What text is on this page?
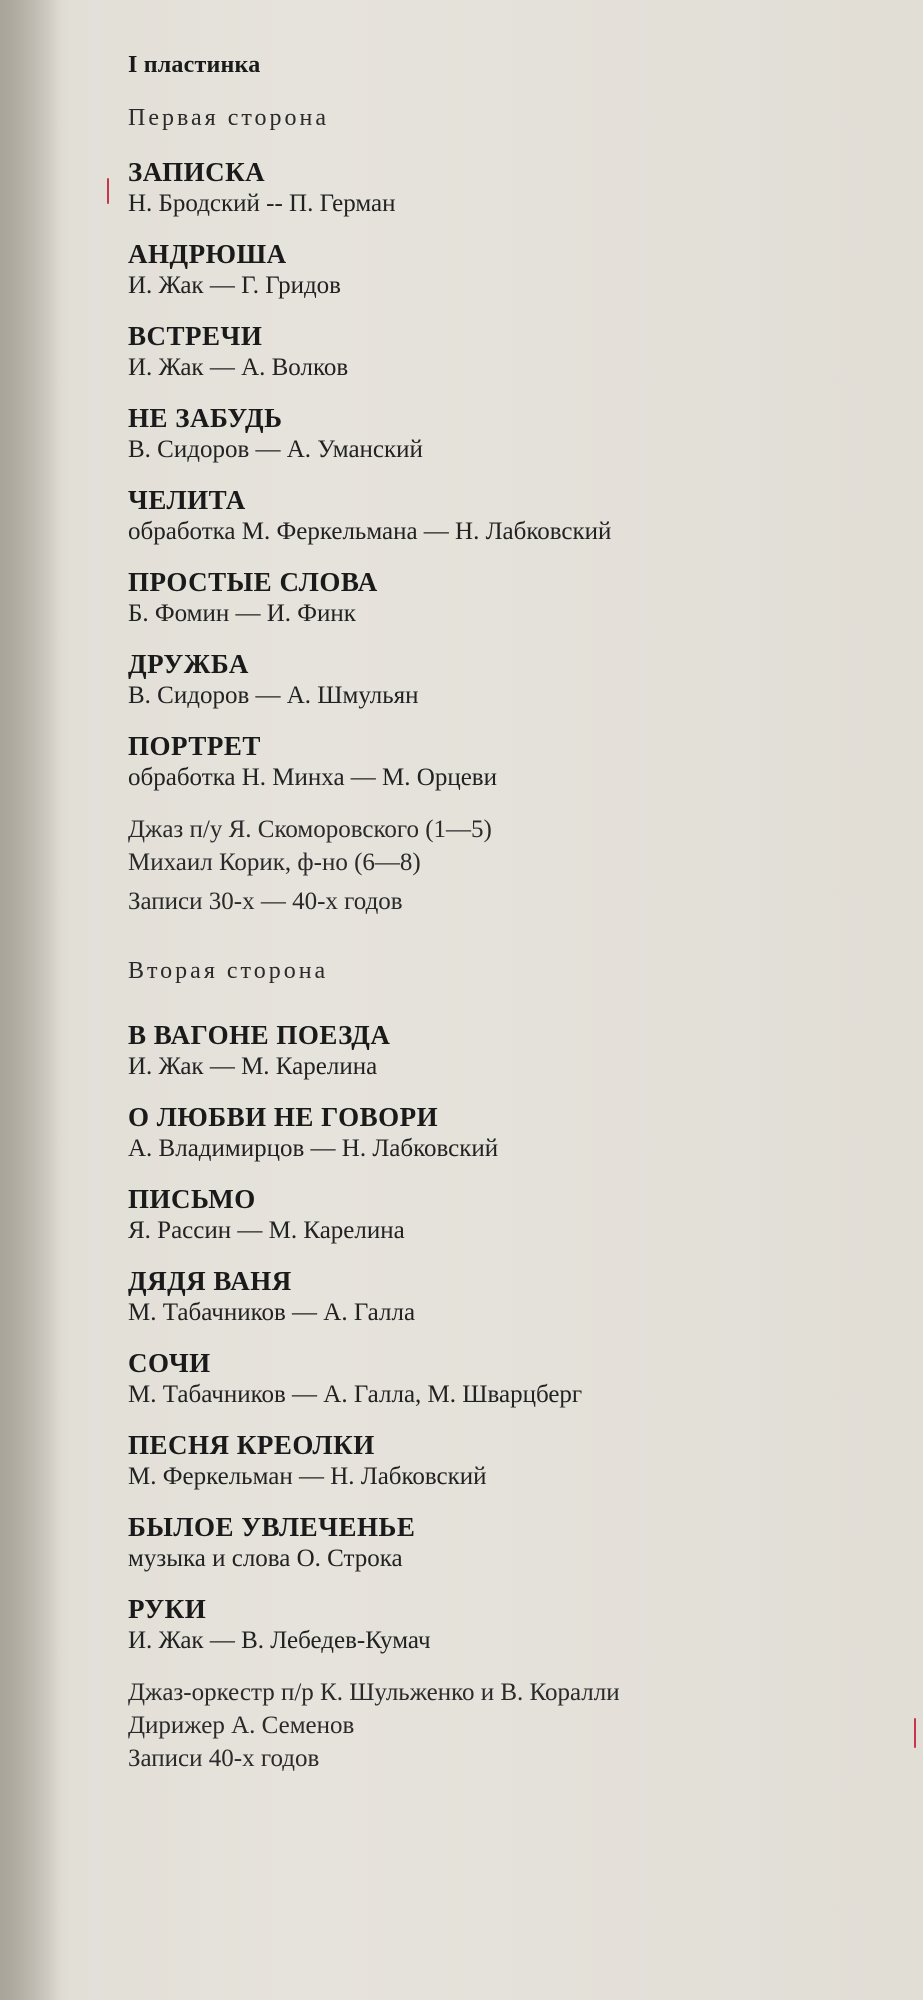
I пластинка
Первая сторона
ЗАПИСКА
Н. Бродский -- П. Герман
АНДРЮША
И. Жак — Г. Гридов
ВСТРЕЧИ
И. Жак — А. Волков
НЕ ЗАБУДЬ
В. Сидоров — А. Уманский
ЧЕЛИТА
обработка М. Феркельмана — Н. Лабковский
ПРОСТЫЕ СЛОВА
Б. Фомин — И. Финк
ДРУЖБА
В. Сидоров — А. Шмульян
ПОРТРЕТ
обработка Н. Минха — М. Орцеви
Джаз п/у Я. Скоморовского (1—5)
Михаил Корик, ф-но (6—8)
Записи 30-х — 40-х годов
Вторая сторона
В ВАГОНЕ ПОЕЗДА
И. Жак — М. Карелина
О ЛЮБВИ НЕ ГОВОРИ
А. Владимирцов — Н. Лабковский
ПИСЬМО
Я. Рассин — М. Карелина
ДЯДЯ ВАНЯ
М. Табачников — А. Галла
СОЧИ
М. Табачников — А. Галла, М. Шварцберг
ПЕСНЯ КРЕОЛКИ
М. Феркельман — Н. Лабковский
БЫЛОЕ УВЛЕЧЕНЬЕ
музыка и слова О. Строка
РУКИ
И. Жак — В. Лебедев-Кумач
Джаз-оркестр п/р К. Шульженко и В. Коралли
Дирижер А. Семенов
Записи 40-х годов
